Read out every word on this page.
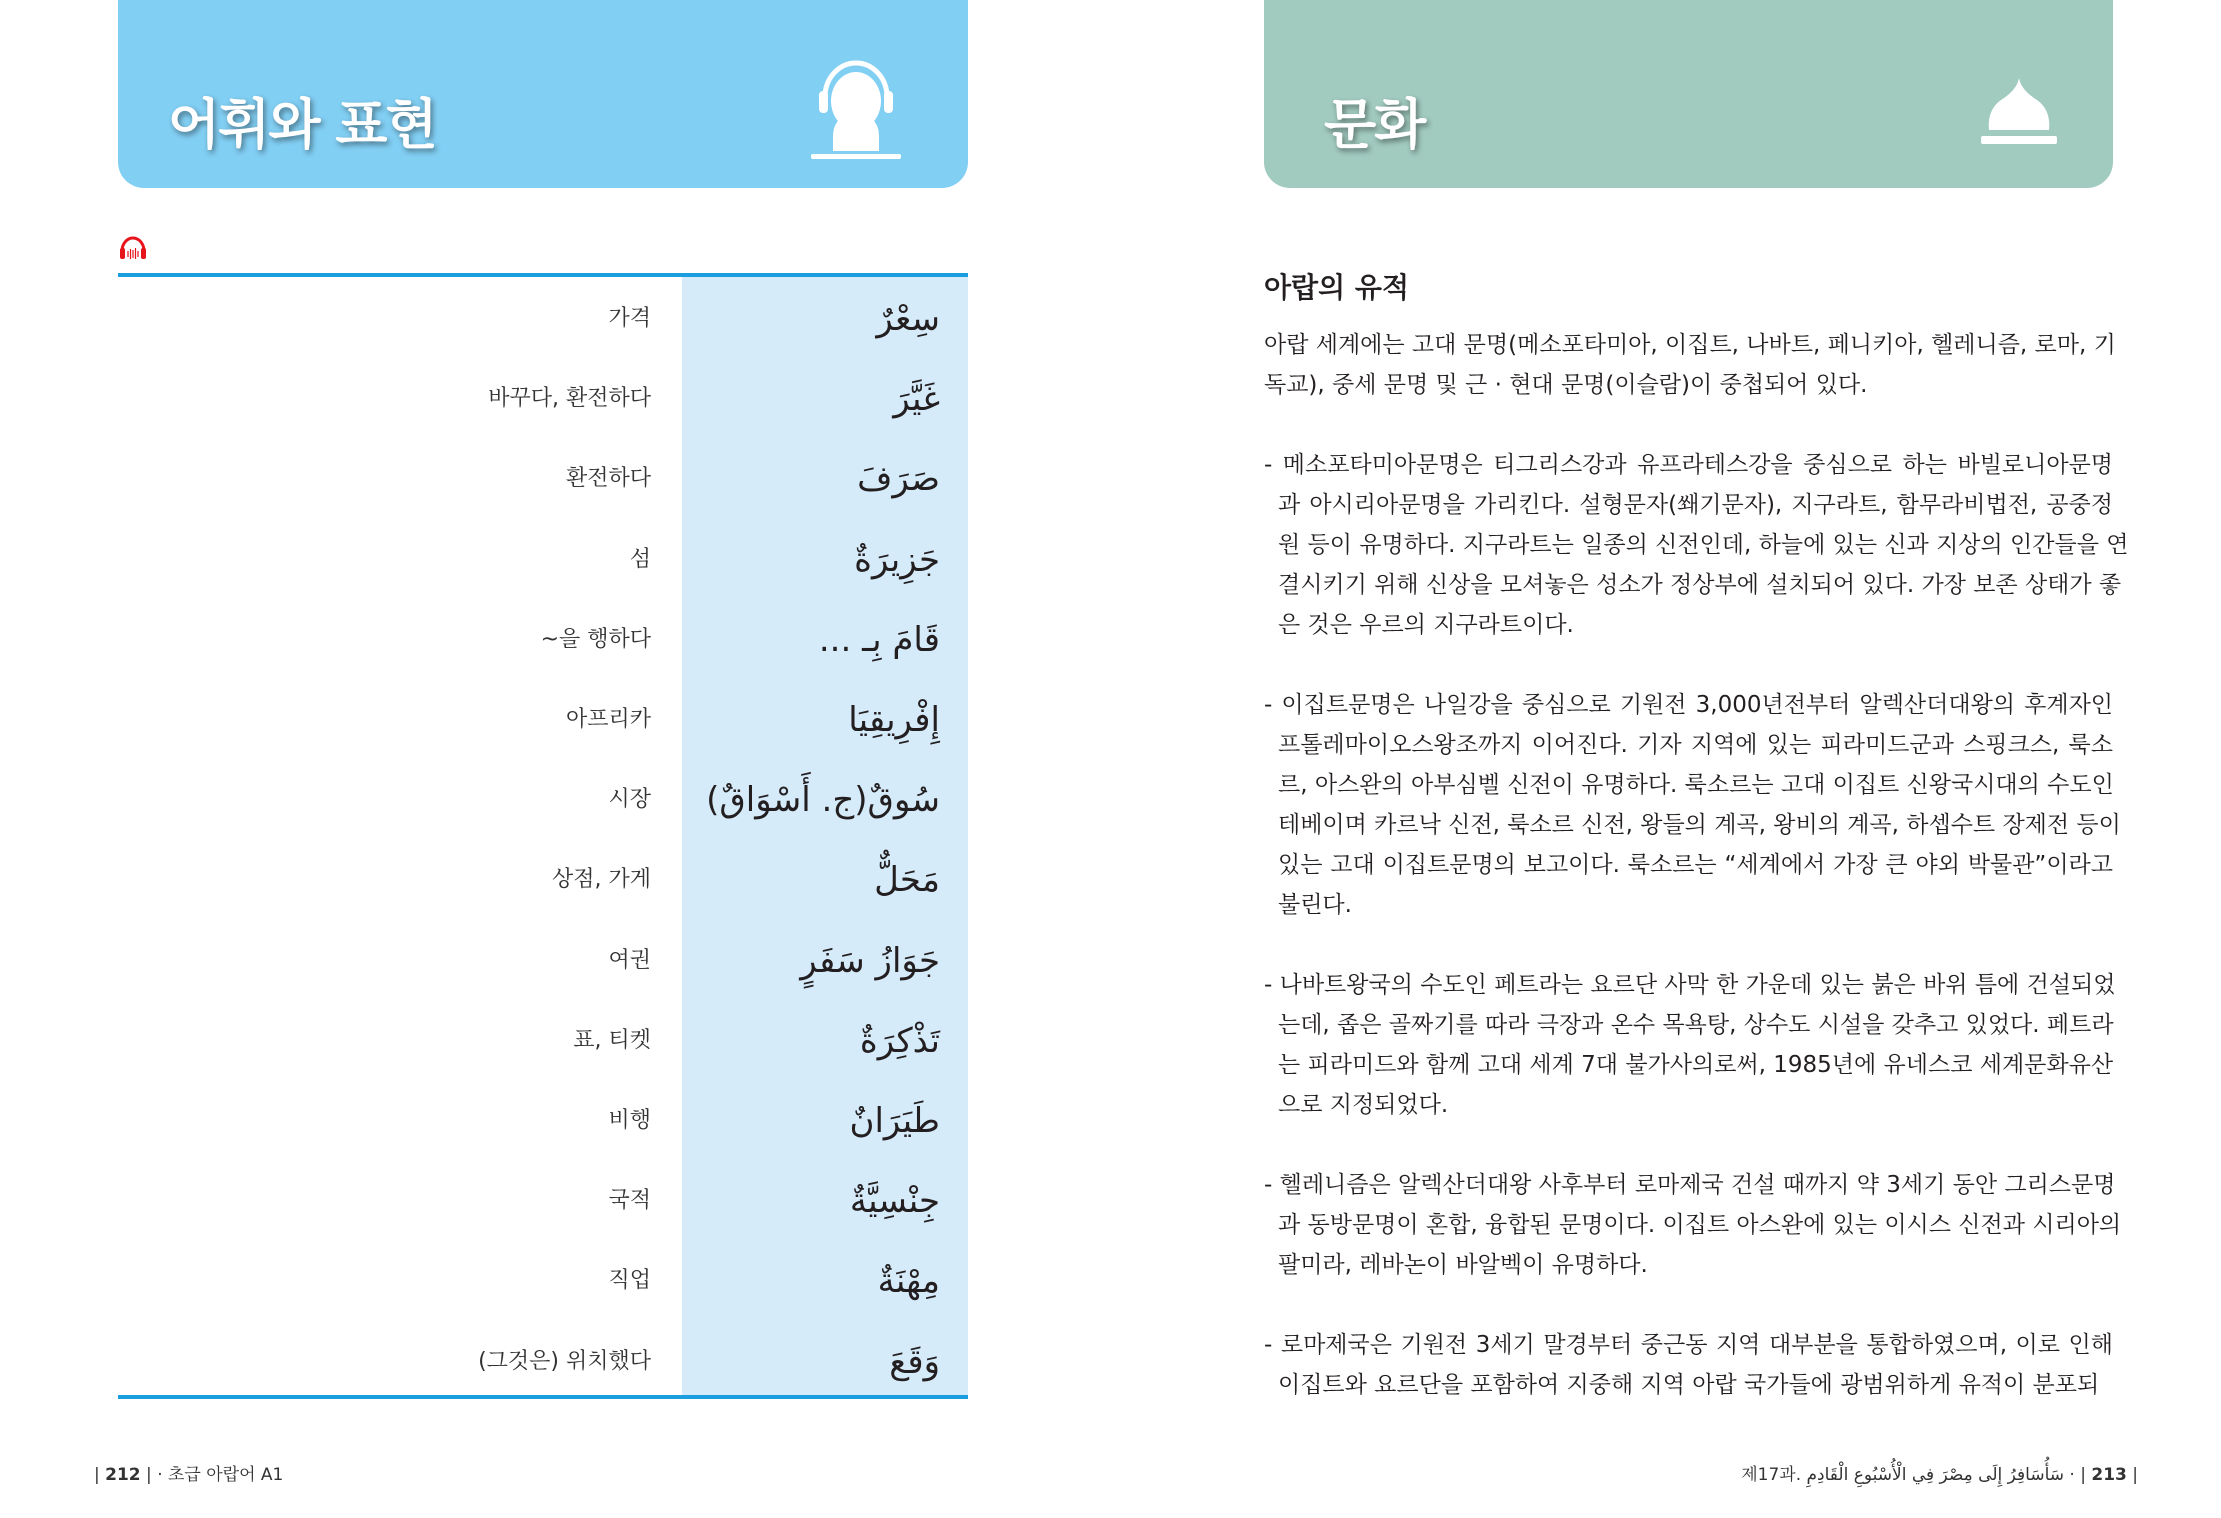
어휘와 표현
가격	سِعْرٌ
바꾸다, 환전하다	غَيَّرَ
환전하다	صَرَفَ
섬	جَزِيرَةٌ
~을 행하다	قَامَ بِـ ...
아프리카	إِفْرِيقِيَا
시장 سُوقٌ(ج. أَسْوَاقٌ)
상점, 가게	مَحَلٌّ
여권	جَوَازُ سَفَرٍ
표, 티켓	تَذْكِرَةٌ
비행	طَيَرَانٌ
국적	جِنْسِيَّةٌ
직업	مِهْنَةٌ
(그것은) 위치했다	وَقَعَ
| 212 | · 초급 아랍어 A1
문화
아랍의 유적
아랍 세계에는 고대 문명(메소포타미아, 이집트, 나바트, 페니키아, 헬레니즘, 로마, 기
독교), 중세 문명 및 근 · 현대 문명(이슬람)이 중첩되어 있다.
- 메소포타미아문명은 티그리스강과 유프라테스강을 중심으로 하는 바빌로니아문명
과 아시리아문명을 가리킨다. 설형문자(쐐기문자), 지구라트, 함무라비법전, 공중정
원 등이 유명하다. 지구라트는 일종의 신전인데, 하늘에 있는 신과 지상의 인간들을 연
결시키기 위해 신상을 모셔놓은 성소가 정상부에 설치되어 있다. 가장 보존 상태가 좋
은 것은 우르의 지구라트이다.
- 이집트문명은 나일강을 중심으로 기원전 3,000년전부터 알렉산더대왕의 후계자인
프톨레마이오스왕조까지 이어진다. 기자 지역에 있는 피라미드군과 스핑크스, 룩소
르, 아스완의 아부심벨 신전이 유명하다. 룩소르는 고대 이집트 신왕국시대의 수도인
테베이며 카르낙 신전, 룩소르 신전, 왕들의 계곡, 왕비의 계곡, 하셉수트 장제전 등이
있는 고대 이집트문명의 보고이다. 룩소르는 “세계에서 가장 큰 야외 박물관”이라고
불린다.
- 나바트왕국의 수도인 페트라는 요르단 사막 한 가운데 있는 붉은 바위 틈에 건설되었
는데, 좁은 골짜기를 따라 극장과 온수 목욕탕, 상수도 시설을 갖추고 있었다. 페트라
는 피라미드와 함께 고대 세계 7대 불가사의로써, 1985년에 유네스코 세계문화유산
으로 지정되었다.
- 헬레니즘은 알렉산더대왕 사후부터 로마제국 건설 때까지 약 3세기 동안 그리스문명
과 동방문명이 혼합, 융합된 문명이다. 이집트 아스완에 있는 이시스 신전과 시리아의
팔미라, 레바논이 바알벡이 유명하다.
- 로마제국은 기원전 3세기 말경부터 중근동 지역 대부분을 통합하였으며, 이로 인해
이집트와 요르단을 포함하여 지중해 지역 아랍 국가들에 광범위하게 유적이 분포되
제17과. سَأُسَافِرُ إِلَى مِصْرَ فِي الْأُسْبُوعِ الْقَادِمِ · | 213 |
